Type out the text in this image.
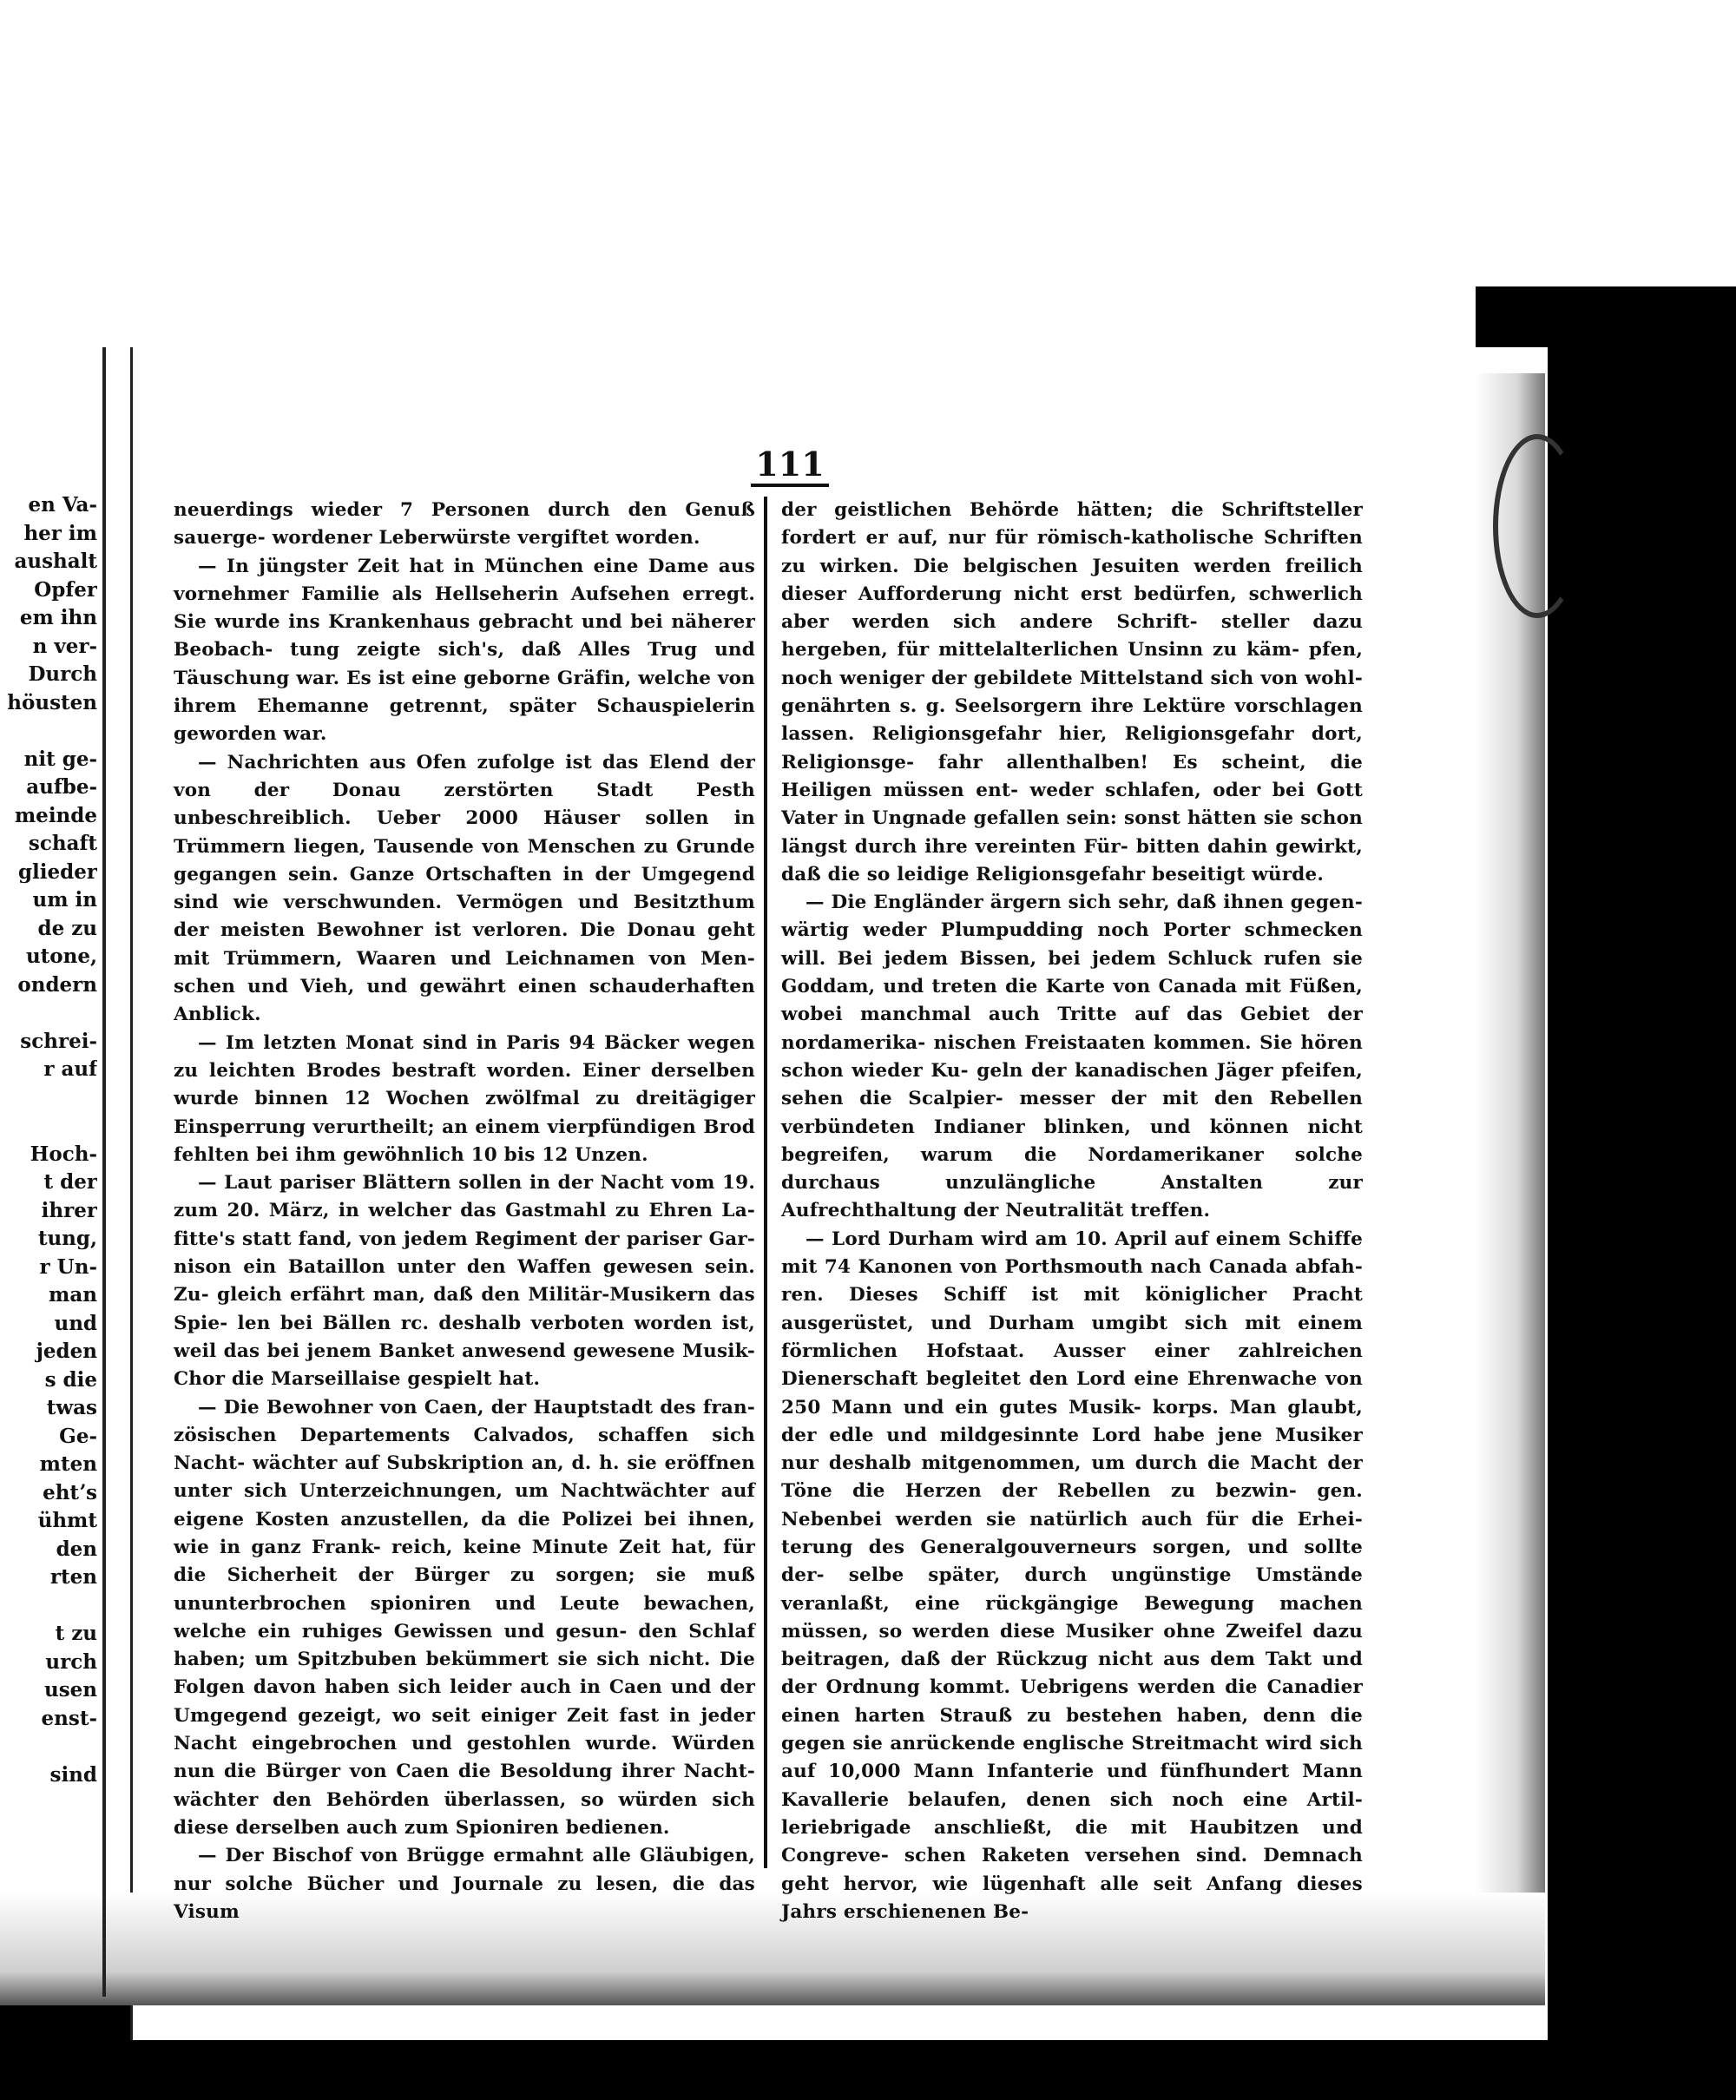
en Va-
her im
aushalt
Opfer
em ihn
n ver-
Durch
höusten
nit ge-
aufbe-
meinde
schaft
glieder
um in
de zu
utone,
ondern
schrei-
r auf
Hoch-
t der
ihrer
tung,
r Un-
man
und
jeden
s die
twas
Ge-
mten
ehtʼs
ühmt
den
rten
t zu
urch
usen
enst-
sind
111

neuerdings wieder 7 Personen durch den Genuß sauerge- wordener Leberwürste vergiftet worden.

— In jüngster Zeit hat in München eine Dame aus vornehmer Familie als Hellseherin Aufsehen erregt. Sie wurde ins Krankenhaus gebracht und bei näherer Beobach- tung zeigte sich's, daß Alles Trug und Täuschung war. Es ist eine geborne Gräfin, welche von ihrem Ehemanne getrennt, später Schauspielerin geworden war.

— Nachrichten aus Ofen zufolge ist das Elend der von der Donau zerstörten Stadt Pesth unbeschreiblich. Ueber 2000 Häuser sollen in Trümmern liegen, Tausende von Menschen zu Grunde gegangen sein. Ganze Ortschaften in der Umgegend sind wie verschwunden. Vermögen und Besitzthum der meisten Bewohner ist verloren. Die Donau geht mit Trümmern, Waaren und Leichnamen von Men- schen und Vieh, und gewährt einen schauderhaften Anblick.

— Im letzten Monat sind in Paris 94 Bäcker wegen zu leichten Brodes bestraft worden. Einer derselben wurde binnen 12 Wochen zwölfmal zu dreitägiger Einsperrung verurtheilt; an einem vierpfündigen Brod fehlten bei ihm gewöhnlich 10 bis 12 Unzen.

— Laut pariser Blättern sollen in der Nacht vom 19. zum 20. März, in welcher das Gastmahl zu Ehren La- fitte's statt fand, von jedem Regiment der pariser Gar- nison ein Bataillon unter den Waffen gewesen sein. Zu- gleich erfährt man, daß den Militär-Musikern das Spie- len bei Bällen rc. deshalb verboten worden ist, weil das bei jenem Banket anwesend gewesene Musik-Chor die Marseillaise gespielt hat.

— Die Bewohner von Caen, der Hauptstadt des fran- zösischen Departements Calvados, schaffen sich Nacht- wächter auf Subskription an, d. h. sie eröffnen unter sich Unterzeichnungen, um Nachtwächter auf eigene Kosten anzustellen, da die Polizei bei ihnen, wie in ganz Frank- reich, keine Minute Zeit hat, für die Sicherheit der Bürger zu sorgen; sie muß ununterbrochen spioniren und Leute bewachen, welche ein ruhiges Gewissen und gesun- den Schlaf haben; um Spitzbuben bekümmert sie sich nicht. Die Folgen davon haben sich leider auch in Caen und der Umgegend gezeigt, wo seit einiger Zeit fast in jeder Nacht eingebrochen und gestohlen wurde. Würden nun die Bürger von Caen die Besoldung ihrer Nacht- wächter den Behörden überlassen, so würden sich diese derselben auch zum Spioniren bedienen.

— Der Bischof von Brügge ermahnt alle Gläubigen, nur solche Bücher und Journale zu lesen, die das Visum

der geistlichen Behörde hätten; die Schriftsteller fordert er auf, nur für römisch-katholische Schriften zu wirken. Die belgischen Jesuiten werden freilich dieser Aufforderung nicht erst bedürfen, schwerlich aber werden sich andere Schrift- steller dazu hergeben, für mittelalterlichen Unsinn zu käm- pfen, noch weniger der gebildete Mittelstand sich von wohl- genährten s. g. Seelsorgern ihre Lektüre vorschlagen lassen. Religionsgefahr hier, Religionsgefahr dort, Religionsge- fahr allenthalben! Es scheint, die Heiligen müssen ent- weder schlafen, oder bei Gott Vater in Ungnade gefallen sein: sonst hätten sie schon längst durch ihre vereinten Für- bitten dahin gewirkt, daß die so leidige Religionsgefahr beseitigt würde.

— Die Engländer ärgern sich sehr, daß ihnen gegen- wärtig weder Plumpudding noch Porter schmecken will. Bei jedem Bissen, bei jedem Schluck rufen sie Goddam, und treten die Karte von Canada mit Füßen, wobei manchmal auch Tritte auf das Gebiet der nordamerika- nischen Freistaaten kommen. Sie hören schon wieder Ku- geln der kanadischen Jäger pfeifen, sehen die Scalpier- messer der mit den Rebellen verbündeten Indianer blinken, und können nicht begreifen, warum die Nordamerikaner solche durchaus unzulängliche Anstalten zur Aufrechthaltung der Neutralität treffen.

— Lord Durham wird am 10. April auf einem Schiffe mit 74 Kanonen von Porthsmouth nach Canada abfah- ren. Dieses Schiff ist mit königlicher Pracht ausgerüstet, und Durham umgibt sich mit einem förmlichen Hofstaat. Ausser einer zahlreichen Dienerschaft begleitet den Lord eine Ehrenwache von 250 Mann und ein gutes Musik- korps. Man glaubt, der edle und mildgesinnte Lord habe jene Musiker nur deshalb mitgenommen, um durch die Macht der Töne die Herzen der Rebellen zu bezwin- gen. Nebenbei werden sie natürlich auch für die Erhei- terung des Generalgouverneurs sorgen, und sollte der- selbe später, durch ungünstige Umstände veranlaßt, eine rückgängige Bewegung machen müssen, so werden diese Musiker ohne Zweifel dazu beitragen, daß der Rückzug nicht aus dem Takt und der Ordnung kommt. Uebrigens werden die Canadier einen harten Strauß zu bestehen haben, denn die gegen sie anrückende englische Streitmacht wird sich auf 10,000 Mann Infanterie und fünfhundert Mann Kavallerie belaufen, denen sich noch eine Artil- leriebrigade anschließt, die mit Haubitzen und Congreve- schen Raketen versehen sind. Demnach geht hervor, wie lügenhaft alle seit Anfang dieses Jahrs erschienenen Be-
